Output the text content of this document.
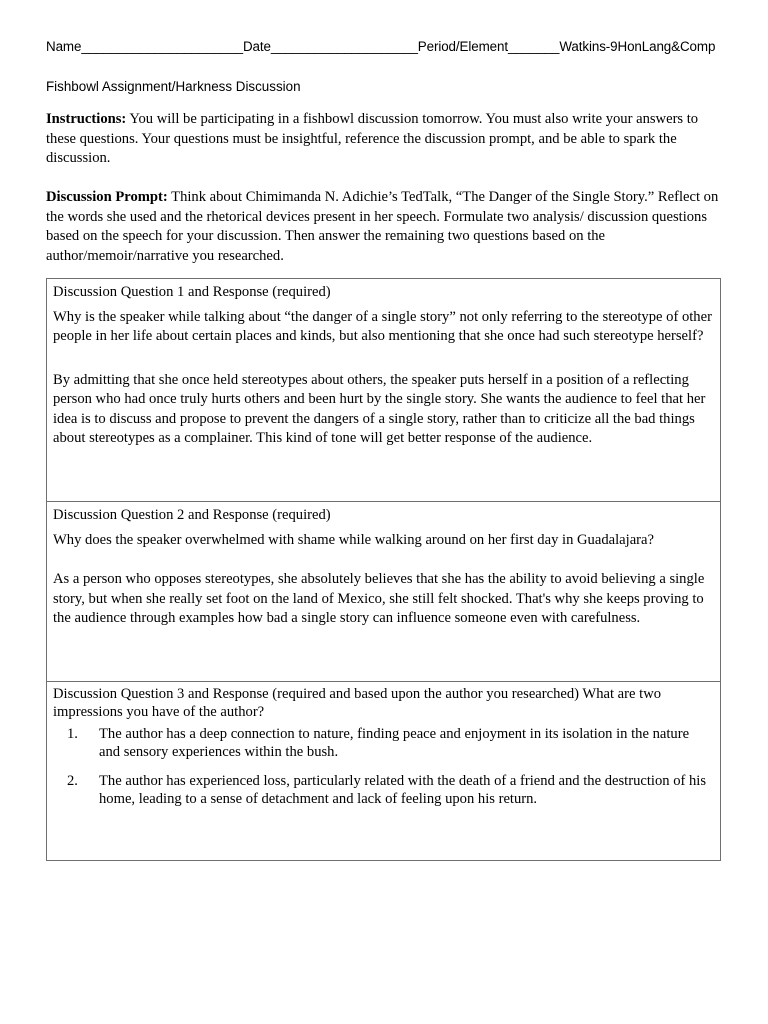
Name______________________Date____________________Period/Element_______Watkins-9HonLang&Comp
Fishbowl Assignment/Harkness Discussion

Instructions: You will be participating in a fishbowl discussion tomorrow. You must also write your answers to these questions. Your questions must be insightful, reference the discussion prompt, and be able to spark the discussion.

Discussion Prompt: Think about Chimimanda N. Adichie’s TedTalk, “The Danger of the Single Story.” Reflect on the words she used and the rhetorical devices present in her speech. Formulate two analysis/ discussion questions based on the speech for your discussion. Then answer the remaining two questions based on the author/memoir/narrative you researched.

Discussion Question 1 and Response (required)

Why is the speaker while talking about “the danger of a single story” not only referring to the stereotype of other people in her life about certain places and kinds, but also mentioning that she once had such stereotype herself?

By admitting that she once held stereotypes about others, the speaker puts herself in a position of a reflecting person who had once truly hurts others and been hurt by the single story. She wants the audience to feel that her idea is to discuss and propose to prevent the dangers of a single story, rather than to criticize all the bad things about stereotypes as a complainer. This kind of tone will get better response of the audience.

Discussion Question 2 and Response (required)

Why does the speaker overwhelmed with shame while walking around on her first day in Guadalajara?

As a person who opposes stereotypes, she absolutely believes that she has the ability to avoid believing a single story, but when she really set foot on the land of Mexico, she still felt shocked. That's why she keeps proving to the audience through examples how bad a single story can influence someone even with carefulness.

Discussion Question 3 and Response (required and based upon the author you researched) What are two impressions you have of the author?

1. The author has a deep connection to nature, finding peace and enjoyment in its isolation in the nature and sensory experiences within the bush.
2. The author has experienced loss, particularly related with the death of a friend and the destruction of his home, leading to a sense of detachment and lack of feeling upon his return.
